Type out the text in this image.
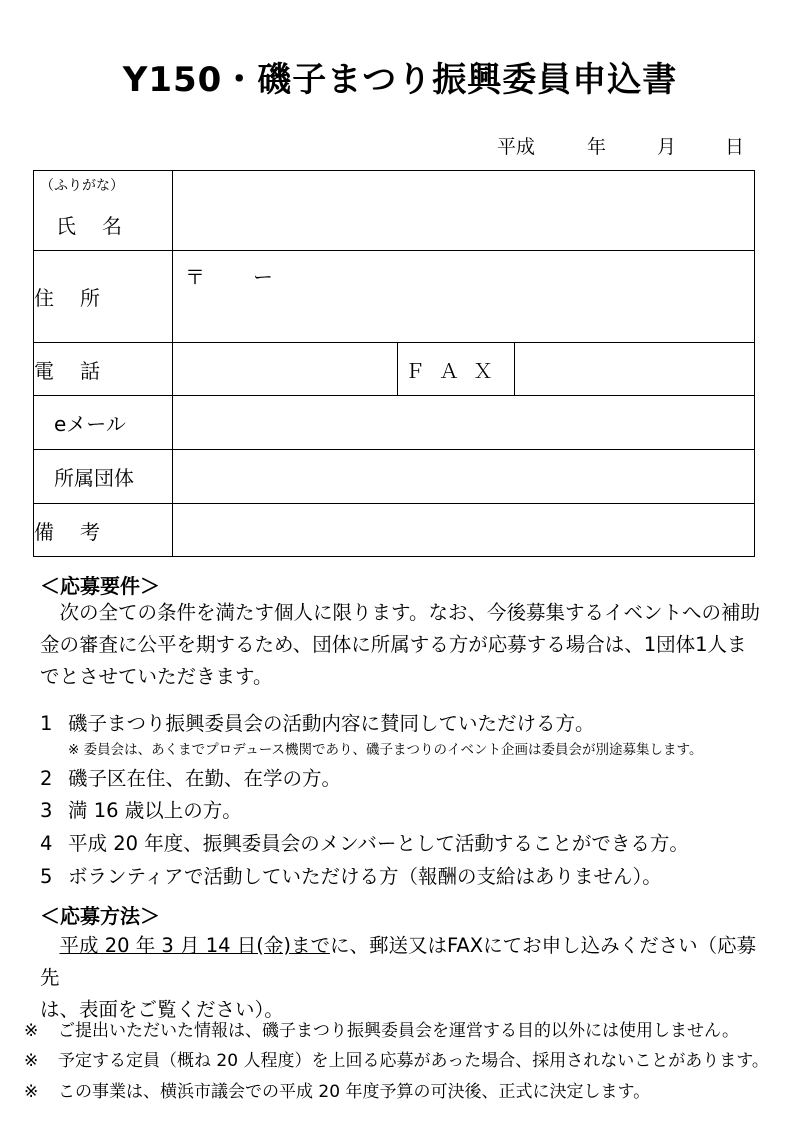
Y150・磯子まつり振興委員申込書
平成	年	月	日
（ふりがな）
氏名			

住所	〒 ー		

電話		ＦＡＸ	
eメール			
所属団体			
備考			
＜応募要件＞
　次の全ての条件を満たす個人に限ります。なお、今後募集するイベントへの補助
金の審査に公平を期するため、団体に所属する方が応募する場合は、1団体1人ま
でとさせていただきます。
1 磯子まつり振興委員会の活動内容に賛同していただける方。
※ 委員会は、あくまでプロデュース機関であり、磯子まつりのイベント企画は委員会が別途募集します。
2 磯子区在住、在勤、在学の方。
3 満 16 歳以上の方。
4 平成 20 年度、振興委員会のメンバーとして活動することができる方。
5 ボランティアで活動していただける方（報酬の支給はありません）。
＜応募方法＞
　平成 20 年 3 月 14 日(金)までに、郵送又はFAXにてお申し込みください（応募先
は、表面をご覧ください）。
※ ご提出いただいた情報は、磯子まつり振興委員会を運営する目的以外には使用しません。
※ 予定する定員（概ね 20 人程度）を上回る応募があった場合、採用されないことがあります。
※ この事業は、横浜市議会での平成 20 年度予算の可決後、正式に決定します。
